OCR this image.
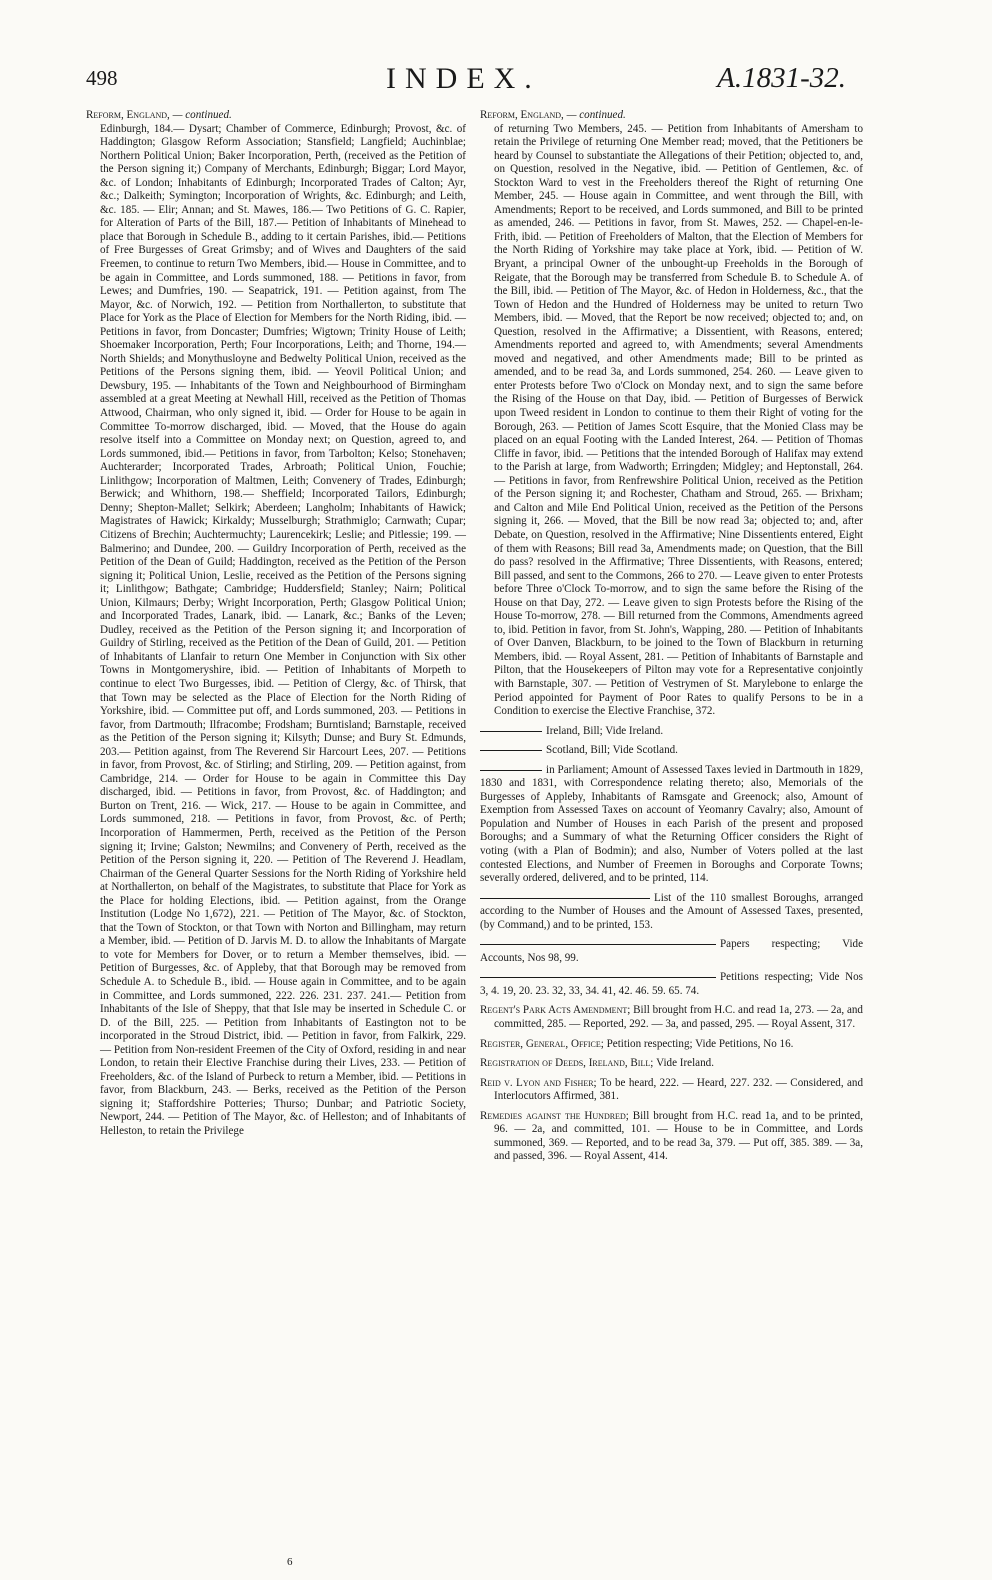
498	INDEX.	A.1831-32.
Reform, England, — continued.

Edinburgh, 184.— Dysart; Chamber of Commerce, Edinburgh; Provost, &c. of Haddington; Glasgow Reform Association; Stansfield; Langfield; Auchinblae; Northern Political Union; Baker Incorporation, Perth, (received as the Petition of the Person signing it;) Company of Merchants, Edinburgh; Biggar; Lord Mayor, &c. of London; Inhabitants of Edinburgh; Incorporated Trades of Calton; Ayr, &c.; Dalkeith; Symington; Incorporation of Wrights, &c. Edinburgh; and Leith, &c. 185. — Elir; Annan; and St. Mawes, 186.— Two Petitions of G. C. Rapier, for Alteration of Parts of the Bill, 187.— Petition of Inhabitants of Minehead to place that Borough in Schedule B., adding to it certain Parishes, ibid.— Petitions of Free Burgesses of Great Grimsby; and of Wives and Daughters of the said Freemen, to continue to return Two Members, ibid.— House in Committee, and to be again in Committee, and Lords summoned, 188. — Petitions in favor, from Lewes; and Dumfries, 190. — Seapatrick, 191. — Petition against, from The Mayor, &c. of Norwich, 192. — Petition from Northallerton, to substitute that Place for York as the Place of Election for Members for the North Riding, ibid. — Petitions in favor, from Doncaster; Dumfries; Wigtown; Trinity House of Leith; Shoemaker Incorporation, Perth; Four Incorporations, Leith; and Thorne, 194.— North Shields; and Monythusloyne and Bedwelty Political Union, received as the Petitions of the Persons signing them, ibid. — Yeovil Political Union; and Dewsbury, 195. — Inhabitants of the Town and Neighbourhood of Birmingham assembled at a great Meeting at Newhall Hill, received as the Petition of Thomas Attwood, Chairman, who only signed it, ibid. — Order for House to be again in Committee To-morrow discharged, ibid. — Moved, that the House do again resolve itself into a Committee on Monday next; on Question, agreed to, and Lords summoned, ibid.— Petitions in favor, from Tarbolton; Kelso; Stonehaven; Auchterarder; Incorporated Trades, Arbroath; Political Union, Fouchie; Linlithgow; Incorporation of Maltmen, Leith; Convenery of Trades, Edinburgh; Berwick; and Whithorn, 198.— Sheffield; Incorporated Tailors, Edinburgh; Denny; Shepton-Mallet; Selkirk; Aberdeen; Langholm; Inhabitants of Hawick; Magistrates of Hawick; Kirkaldy; Musselburgh; Strathmiglo; Carnwath; Cupar; Citizens of Brechin; Auchtermuchty; Laurencekirk; Leslie; and Pitlessie; 199. — Balmerino; and Dundee, 200. — Guildry Incorporation of Perth, received as the Petition of the Dean of Guild; Haddington, received as the Petition of the Person signing it; Political Union, Leslie, received as the Petition of the Persons signing it; Linlithgow; Bathgate; Cambridge; Huddersfield; Stanley; Nairn; Political Union, Kilmaurs; Derby; Wright Incorporation, Perth; Glasgow Political Union; and Incorporated Trades, Lanark, ibid. — Lanark, &c.; Banks of the Leven; Dudley, received as the Petition of the Person signing it; and Incorporation of Guildry of Stirling, received as the Petition of the Dean of Guild, 201. — Petition of Inhabitants of Llanfair to return One Member in Conjunction with Six other Towns in Montgomeryshire, ibid. — Petition of Inhabitants of Morpeth to continue to elect Two Burgesses, ibid. — Petition of Clergy, &c. of Thirsk, that that Town may be selected as the Place of Election for the North Riding of Yorkshire, ibid. — Committee put off, and Lords summoned, 203. — Petitions in favor, from Dartmouth; Ilfracombe; Frodsham; Burntisland; Barnstaple, received as the Petition of the Person signing it; Kilsyth; Dunse; and Bury St. Edmunds, 203.— Petition against, from The Reverend Sir Harcourt Lees, 207. — Petitions in favor, from Provost, &c. of Stirling; and Stirling, 209. — Petition against, from Cambridge, 214. — Order for House to be again in Committee this Day discharged, ibid. — Petitions in favor, from Provost, &c. of Haddington; and Burton on Trent, 216. — Wick, 217. — House to be again in Committee, and Lords summoned, 218. — Petitions in favor, from Provost, &c. of Perth; Incorporation of Hammermen, Perth, received as the Petition of the Person signing it; Irvine; Galston; Newmilns; and Convenery of Perth, received as the Petition of the Person signing it, 220. — Petition of The Reverend J. Headlam, Chairman of the General Quarter Sessions for the North Riding of Yorkshire held at Northallerton, on behalf of the Magistrates, to substitute that Place for York as the Place for holding Elections, ibid. — Petition against, from the Orange Institution (Lodge No 1,672), 221. — Petition of The Mayor, &c. of Stockton, that the Town of Stockton, or that Town with Norton and Billingham, may return a Member, ibid. — Petition of D. Jarvis M. D. to allow the Inhabitants of Margate to vote for Members for Dover, or to return a Member themselves, ibid. — Petition of Burgesses, &c. of Appleby, that that Borough may be removed from Schedule A. to Schedule B., ibid. — House again in Committee, and to be again in Committee, and Lords summoned, 222. 226. 231. 237. 241.— Petition from Inhabitants of the Isle of Sheppy, that that Isle may be inserted in Schedule C. or D. of the Bill, 225. — Petition from Inhabitants of Eastington not to be incorporated in the Stroud District, ibid. — Petition in favor, from Falkirk, 229. — Petition from Non-resident Freemen of the City of Oxford, residing in and near London, to retain their Elective Franchise during their Lives, 233. — Petition of Freeholders, &c. of the Island of Purbeck to return a Member, ibid. — Petitions in favor, from Blackburn, 243. — Berks, received as the Petition of the Person signing it; Staffordshire Potteries; Thurso; Dunbar; and Patriotic Society, Newport, 244. — Petition of The Mayor, &c. of Helleston; and of Inhabitants of Helleston, to retain the Privilege

Reform, England, — continued.

of returning Two Members, 245. — Petition from Inhabitants of Amersham to retain the Privilege of returning One Member read; moved, that the Petitioners be heard by Counsel to substantiate the Allegations of their Petition; objected to, and, on Question, resolved in the Negative, ibid. — Petition of Gentlemen, &c. of Stockton Ward to vest in the Freeholders thereof the Right of returning One Member, 245. — House again in Committee, and went through the Bill, with Amendments; Report to be received, and Lords summoned, and Bill to be printed as amended, 246. — Petitions in favor, from St. Mawes, 252. — Chapel-en-le-Frith, ibid. — Petition of Freeholders of Malton, that the Election of Members for the North Riding of Yorkshire may take place at York, ibid. — Petition of W. Bryant, a principal Owner of the unbought-up Freeholds in the Borough of Reigate, that the Borough may be transferred from Schedule B. to Schedule A. of the Bill, ibid. — Petition of The Mayor, &c. of Hedon in Holderness, &c., that the Town of Hedon and the Hundred of Holderness may be united to return Two Members, ibid. — Moved, that the Report be now received; objected to; and, on Question, resolved in the Affirmative; a Dissentient, with Reasons, entered; Amendments reported and agreed to, with Amendments; several Amendments moved and negatived, and other Amendments made; Bill to be printed as amended, and to be read 3a, and Lords summoned, 254. 260. — Leave given to enter Protests before Two o'Clock on Monday next, and to sign the same before the Rising of the House on that Day, ibid. — Petition of Burgesses of Berwick upon Tweed resident in London to continue to them their Right of voting for the Borough, 263. — Petition of James Scott Esquire, that the Monied Class may be placed on an equal Footing with the Landed Interest, 264. — Petition of Thomas Cliffe in favor, ibid. — Petitions that the intended Borough of Halifax may extend to the Parish at large, from Wadworth; Erringden; Midgley; and Heptonstall, 264. — Petitions in favor, from Renfrewshire Political Union, received as the Petition of the Person signing it; and Rochester, Chatham and Stroud, 265. — Brixham; and Calton and Mile End Political Union, received as the Petition of the Persons signing it, 266. — Moved, that the Bill be now read 3a; objected to; and, after Debate, on Question, resolved in the Affirmative; Nine Dissentients entered, Eight of them with Reasons; Bill read 3a, Amendments made; on Question, that the Bill do pass? resolved in the Affirmative; Three Dissentients, with Reasons, entered; Bill passed, and sent to the Commons, 266 to 270. — Leave given to enter Protests before Three o'Clock To-morrow, and to sign the same before the Rising of the House on that Day, 272. — Leave given to sign Protests before the Rising of the House To-morrow, 278. — Bill returned from the Commons, Amendments agreed to, ibid. Petition in favor, from St. John's, Wapping, 280. — Petition of Inhabitants of Over Danven, Blackburn, to be joined to the Town of Blackburn in returning Members, ibid. — Royal Assent, 281. — Petition of Inhabitants of Barnstaple and Pilton, that the Housekeepers of Pilton may vote for a Representative conjointly with Barnstaple, 307. — Petition of Vestrymen of St. Marylebone to enlarge the Period appointed for Payment of Poor Rates to qualify Persons to be in a Condition to exercise the Elective Franchise, 372.

Ireland, Bill; Vide Ireland.

Scotland, Bill; Vide Scotland.

in Parliament; Amount of Assessed Taxes levied in Dartmouth in 1829, 1830 and 1831, with Correspondence relating thereto; also, Memorials of the Burgesses of Appleby, Inhabitants of Ramsgate and Greenock; also, Amount of Exemption from Assessed Taxes on account of Yeomanry Cavalry; also, Amount of Population and Number of Houses in each Parish of the present and proposed Boroughs; and a Summary of what the Returning Officer considers the Right of voting (with a Plan of Bodmin); and also, Number of Voters polled at the last contested Elections, and Number of Freemen in Boroughs and Corporate Towns; severally ordered, delivered, and to be printed, 114.

List of the 110 smallest Boroughs, arranged according to the Number of Houses and the Amount of Assessed Taxes, presented, (by Command,) and to be printed, 153.

Papers respecting; Vide Accounts, Nos 98, 99.

Petitions respecting; Vide Nos 3, 4. 19, 20. 23. 32, 33, 34. 41, 42. 46. 59. 65. 74.

Regent's Park Acts Amendment; Bill brought from H.C. and read 1a, 273. — 2a, and committed, 285. — Reported, 292. — 3a, and passed, 295. — Royal Assent, 317.

Register, General, Office; Petition respecting; Vide Petitions, No 16.

Registration of Deeds, Ireland, Bill; Vide Ireland.

Reid v. Lyon and Fisher; To be heard, 222. — Heard, 227. 232. — Considered, and Interlocutors Affirmed, 381.

Remedies against the Hundred; Bill brought from H.C. read 1a, and to be printed, 96. — 2a, and committed, 101. — House to be in Committee, and Lords summoned, 369. — Reported, and to be read 3a, 379. — Put off, 385. 389. — 3a, and passed, 396. — Royal Assent, 414.

6
